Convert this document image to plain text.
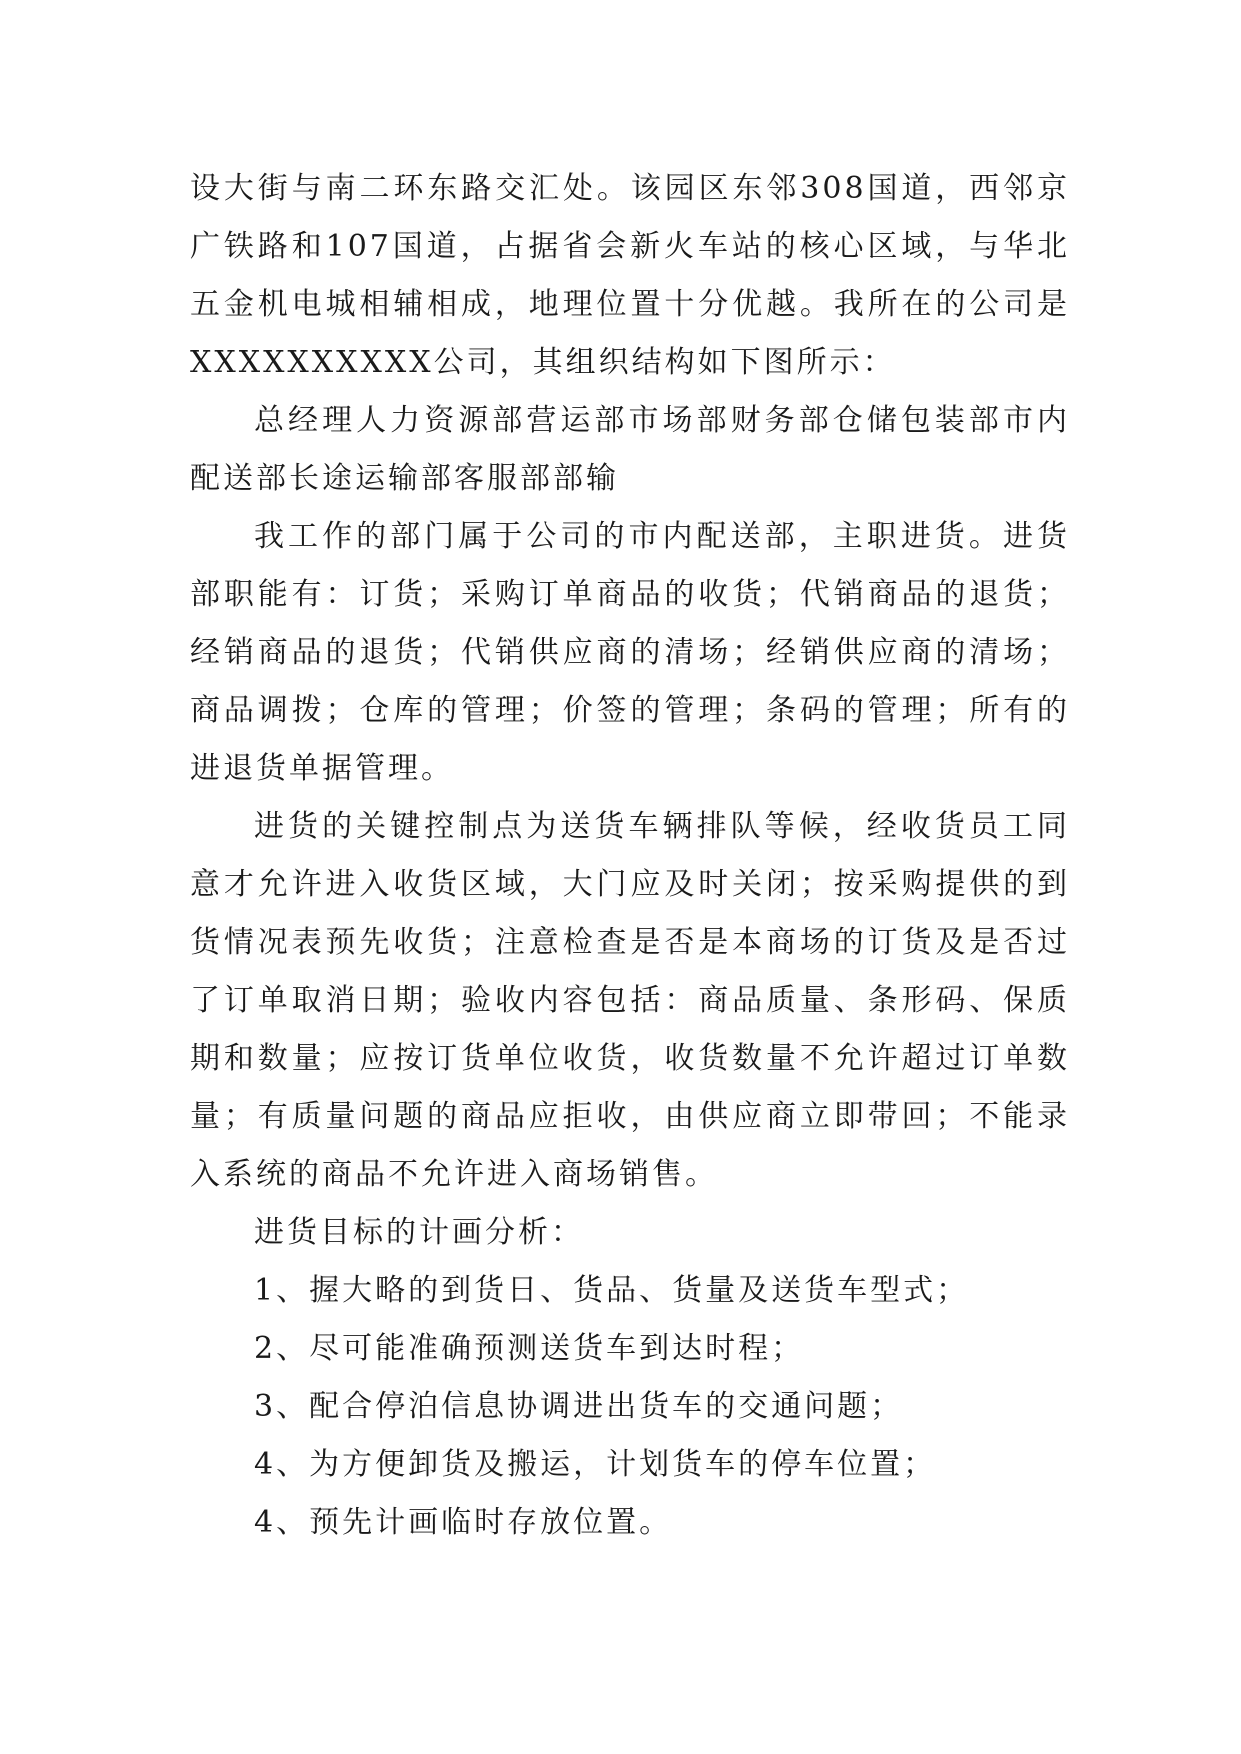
设大街与南二环东路交汇处。该园区东邻308国道，西邻京广铁路和107国道，占据省会新火车站的核心区域，与华北五金机电城相辅相成，地理位置十分优越。我所在的公司是XXXXXXXXXX公司，其组织结构如下图所示：

总经理人力资源部营运部市场部财务部仓储包装部市内配送部长途运输部客服部部输

我工作的部门属于公司的市内配送部，主职进货。进货部职能有：订货；采购订单商品的收货；代销商品的退货；经销商品的退货；代销供应商的清场；经销供应商的清场；商品调拨；仓库的管理；价签的管理；条码的管理；所有的进退货单据管理。

进货的关键控制点为送货车辆排队等候，经收货员工同意才允许进入收货区域，大门应及时关闭；按采购提供的到货情况表预先收货；注意检查是否是本商场的订货及是否过了订单取消日期；验收内容包括：商品质量、条形码、保质期和数量；应按订货单位收货，收货数量不允许超过订单数量；有质量问题的商品应拒收，由供应商立即带回；不能录入系统的商品不允许进入商场销售。

进货目标的计画分析：

1、握大略的到货日、货品、货量及送货车型式；

2、尽可能准确预测送货车到达时程；

3、配合停泊信息协调进出货车的交通问题；

4、为方便卸货及搬运，计划货车的停车位置；

4、预先计画临时存放位置。
